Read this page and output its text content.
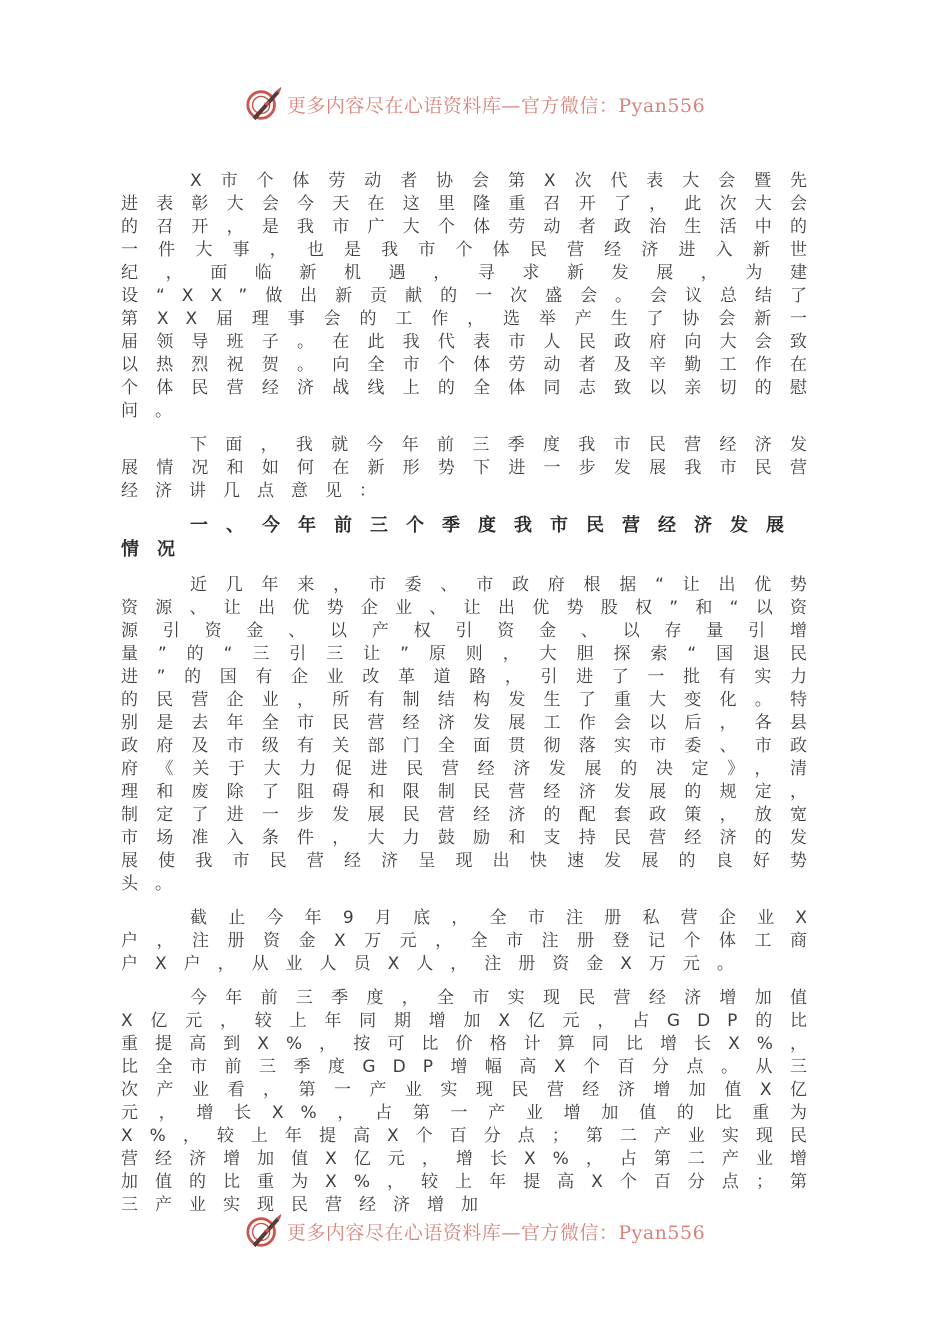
更多内容尽在心语资料库—官方微信：Pyan556

X市个体劳动者协会第X次代表大会暨先进表彰大会今天在这里隆重召开了，此次大会的召开，是我市广大个体劳动者政治生活中的一件大事，也是我市个体民营经济进入新世纪，面临新机遇，寻求新发展，为建设“XX”做出新贡献的一次盛会。会议总结了第XX届理事会的工作，选举产生了协会新一届领导班子。在此我代表市人民政府向大会致以热烈祝贺。向全市个体劳动者及辛勤工作在个体民营经济战线上的全体同志致以亲切的慰问。

下面，我就今年前三季度我市民营经济发展情况和如何在新形势下进一步发展我市民营经济讲几点意见：

一、今年前三个季度我市民营经济发展情况

近几年来，市委、市政府根据“让出优势资源、让出优势企业、让出优势股权”和“以资源引资金、以产权引资金、以存量引增量”的“三引三让”原则，大胆探索“国退民进”的国有企业改革道路，引进了一批有实力的民营企业，所有制结构发生了重大变化。特别是去年全市民营经济发展工作会以后，各县政府及市级有关部门全面贯彻落实市委、市政府《关于大力促进民营经济发展的决定》，清理和废除了阻碍和限制民营经济发展的规定，制定了进一步发展民营经济的配套政策，放宽市场准入条件，大力鼓励和支持民营经济的发展使我市民营经济呈现出快速发展的良好势头。

截止今年9月底，全市注册私营企业X户，注册资金X万元，全市注册登记个体工商户X户，从业人员X人，注册资金X万元。

今年前三季度，全市实现民营经济增加值X亿元，较上年同期增加X亿元，占GDP的比重提高到X%，按可比价格计算同比增长X%，比全市前三季度GDP增幅高X个百分点。从三次产业看，第一产业实现民营经济增加值X亿元，增长X%，占第一产业增加值的比重为X%，较上年提高X个百分点；第二产业实现民营经济增加值X亿元，增长X%，占第二产业增加值的比重为X%，较上年提高X个百分点；第三产业实现民营经济增加

更多内容尽在心语资料库—官方微信：Pyan556
